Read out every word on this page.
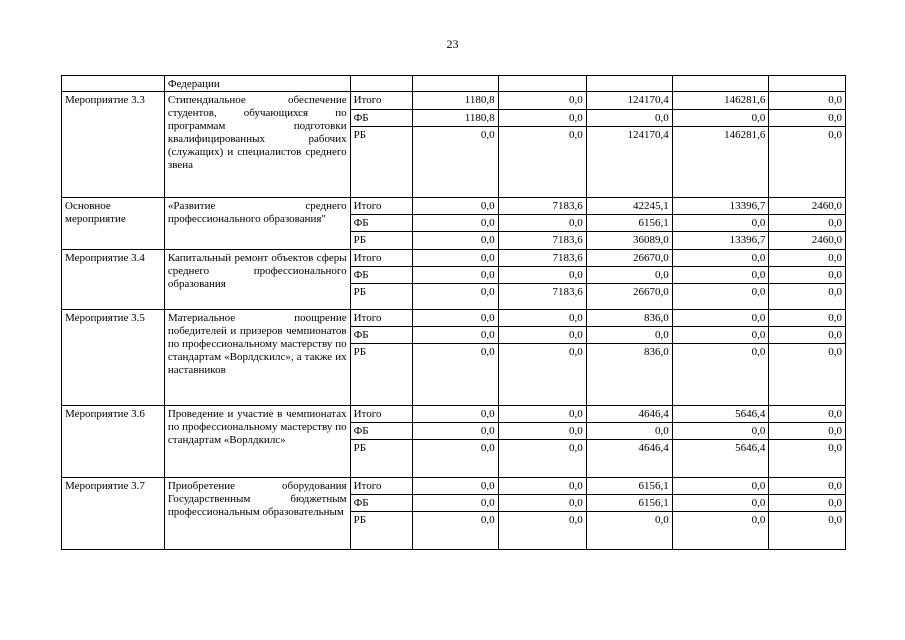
23
	Федерации						
Мероприятие 3.3	Стипендиальное обеспечение студентов, обучающихся по программам подготовки квалифицированных рабочих (служащих) и специалистов среднего звена	Итого	1180,8	0,0	124170,4	146281,6	0,0
		ФБ	1180,8	0,0	0,0	0,0	0,0
		РБ	0,0	0,0	124170,4	146281,6	0,0
Основное мероприятие	«Развитие среднего профессионального образования"	Итого	0,0	7183,6	42245,1	13396,7	2460,0
		ФБ	0,0	0,0	6156,1	0,0	0,0
		РБ	0,0	7183,6	36089,0	13396,7	2460,0
Мероприятие 3.4	Капитальный ремонт объектов сферы среднего профессионального образования	Итого	0,0	7183,6	26670,0	0,0	0,0
		ФБ	0,0	0,0	0,0	0,0	0,0
		РБ	0,0	7183,6	26670,0	0,0	0,0
Мероприятие 3.5	Материальное поощрение победителей и призеров чемпионатов по профессиональному мастерству по стандартам «Ворлдскилс», а также их наставников	Итого	0,0	0,0	836,0	0,0	0,0
		ФБ	0,0	0,0	0,0	0,0	0,0
		РБ	0,0	0,0	836,0	0,0	0,0
Мероприятие 3.6	Проведение и участие в чемпионатах по профессиональному мастерству по стандартам «Ворлдкилс»	Итого	0,0	0,0	4646,4	5646,4	0,0
		ФБ	0,0	0,0	0,0	0,0	0,0
		РБ	0,0	0,0	4646,4	5646,4	0,0
Мероприятие 3.7	Приобретение оборудования Государственным бюджетным профессиональным образовательным	Итого	0,0	0,0	6156,1	0,0	0,0
		ФБ	0,0	0,0	6156,1	0,0	0,0
		РБ	0,0	0,0	0,0	0,0	0,0
